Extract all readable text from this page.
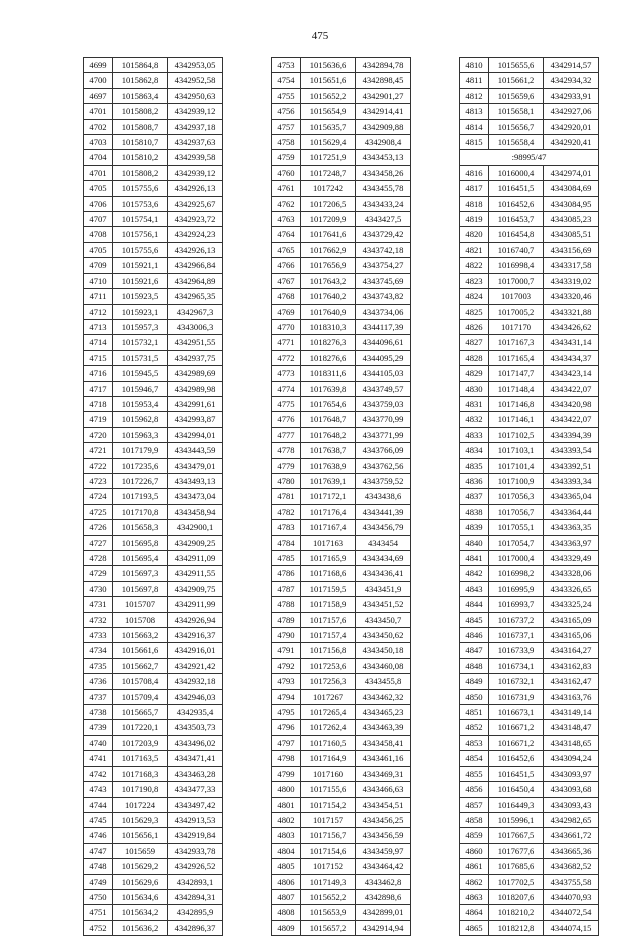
475
4699	1015864,8	4342953,05
4700	1015862,8	4342952,58
4697	1015863,4	4342950,63
4701	1015808,2	4342939,12
4702	1015808,7	4342937,18
4703	1015810,7	4342937,63
4704	1015810,2	4342939,58
4701	1015808,2	4342939,12
4705	1015755,6	4342926,13
4706	1015753,6	4342925,67
4707	1015754,1	4342923,72
4708	1015756,1	4342924,23
4705	1015755,6	4342926,13
4709	1015921,1	4342966,84
4710	1015921,6	4342964,89
4711	1015923,5	4342965,35
4712	1015923,1	4342967,3
4713	1015957,3	4343006,3
4714	1015732,1	4342951,55
4715	1015731,5	4342937,75
4716	1015945,5	4342989,69
4717	1015946,7	4342989,98
4718	1015953,4	4342991,61
4719	1015962,8	4342993,87
4720	1015963,3	4342994,01
4721	1017179,9	4343443,59
4722	1017235,6	4343479,01
4723	1017226,7	4343493,13
4724	1017193,5	4343473,04
4725	1017170,8	4343458,94
4726	1015658,3	4342900,1
4727	1015695,8	4342909,25
4728	1015695,4	4342911,09
4729	1015697,3	4342911,55
4730	1015697,8	4342909,75
4731	1015707	4342911,99
4732	1015708	4342926,94
4733	1015663,2	4342916,37
4734	1015661,6	4342916,01
4735	1015662,7	4342921,42
4736	1015708,4	4342932,18
4737	1015709,4	4342946,03
4738	1015665,7	4342935,4
4739	1017220,1	4343503,73
4740	1017203,9	4343496,02
4741	1017163,5	4343471,41
4742	1017168,3	4343463,28
4743	1017190,8	4343477,33
4744	1017224	4343497,42
4745	1015629,3	4342913,53
4746	1015656,1	4342919,84
4747	1015659	4342933,78
4748	1015629,2	4342926,52
4749	1015629,6	4342893,1
4750	1015634,6	4342894,31
4751	1015634,2	4342895,9
4752	1015636,2	4342896,37
4753	1015636,6	4342894,78
4754	1015651,6	4342898,45
4755	1015652,2	4342901,27
4756	1015654,9	4342914,41
4757	1015635,7	4342909,88
4758	1015629,4	4342908,4
4759	1017251,9	4343453,13
4760	1017248,7	4343458,26
4761	1017242	4343455,78
4762	1017206,5	4343433,24
4763	1017209,9	4343427,5
4764	1017641,6	4343729,42
4765	1017662,9	4343742,18
4766	1017656,9	4343754,27
4767	1017643,2	4343745,69
4768	1017640,2	4343743,82
4769	1017640,9	4343734,06
4770	1018310,3	4344117,39
4771	1018276,3	4344096,61
4772	1018276,6	4344095,29
4773	1018311,6	4344105,03
4774	1017639,8	4343749,57
4775	1017654,6	4343759,03
4776	1017648,7	4343770,99
4777	1017648,2	4343771,99
4778	1017638,7	4343766,09
4779	1017638,9	4343762,56
4780	1017639,1	4343759,52
4781	1017172,1	4343438,6
4782	1017176,4	4343441,39
4783	1017167,4	4343456,79
4784	1017163	4343454
4785	1017165,9	4343434,69
4786	1017168,6	4343436,41
4787	1017159,5	4343451,9
4788	1017158,9	4343451,52
4789	1017157,6	4343450,7
4790	1017157,4	4343450,62
4791	1017156,8	4343450,18
4792	1017253,6	4343460,08
4793	1017256,3	4343455,8
4794	1017267	4343462,32
4795	1017265,4	4343465,23
4796	1017262,4	4343463,39
4797	1017160,5	4343458,41
4798	1017164,9	4343461,16
4799	1017160	4343469,31
4800	1017155,6	4343466,63
4801	1017154,2	4343454,51
4802	1017157	4343456,25
4803	1017156,7	4343456,59
4804	1017154,6	4343459,97
4805	1017152	4343464,42
4806	1017149,3	4343462,8
4807	1015652,2	4342898,6
4808	1015653,9	4342899,01
4809	1015657,2	4342914,94
4810	1015655,6	4342914,57
4811	1015661,2	4342934,32
4812	1015659,6	4342933,91
4813	1015658,1	4342927,06
4814	1015656,7	4342920,01
4815	1015658,4	4342920,41
:98995/47		
4816	1016000,4	4342974,01
4817	1016451,5	4343084,69
4818	1016452,6	4343084,95
4819	1016453,7	4343085,23
4820	1016454,8	4343085,51
4821	1016740,7	4343156,69
4822	1016998,4	4343317,58
4823	1017000,7	4343319,02
4824	1017003	4343320,46
4825	1017005,2	4343321,88
4826	1017170	4343426,62
4827	1017167,3	4343431,14
4828	1017165,4	4343434,37
4829	1017147,7	4343423,14
4830	1017148,4	4343422,07
4831	1017146,8	4343420,98
4832	1017146,1	4343422,07
4833	1017102,5	4343394,39
4834	1017103,1	4343393,54
4835	1017101,4	4343392,51
4836	1017100,9	4343393,34
4837	1017056,3	4343365,04
4838	1017056,7	4343364,44
4839	1017055,1	4343363,35
4840	1017054,7	4343363,97
4841	1017000,4	4343329,49
4842	1016998,2	4343328,06
4843	1016995,9	4343326,65
4844	1016993,7	4343325,24
4845	1016737,2	4343165,09
4846	1016737,1	4343165,06
4847	1016733,9	4343164,27
4848	1016734,1	4343162,83
4849	1016732,1	4343162,47
4850	1016731,9	4343163,76
4851	1016673,1	4343149,14
4852	1016671,2	4343148,47
4853	1016671,2	4343148,65
4854	1016452,6	4343094,24
4855	1016451,5	4343093,97
4856	1016450,4	4343093,68
4857	1016449,3	4343093,43
4858	1015996,1	4342982,65
4859	1017667,5	4343661,72
4860	1017677,6	4343665,36
4861	1017685,6	4343682,52
4862	1017702,5	4343755,58
4863	1018207,6	4344070,93
4864	1018210,2	4344072,54
4865	1018212,8	4344074,15
